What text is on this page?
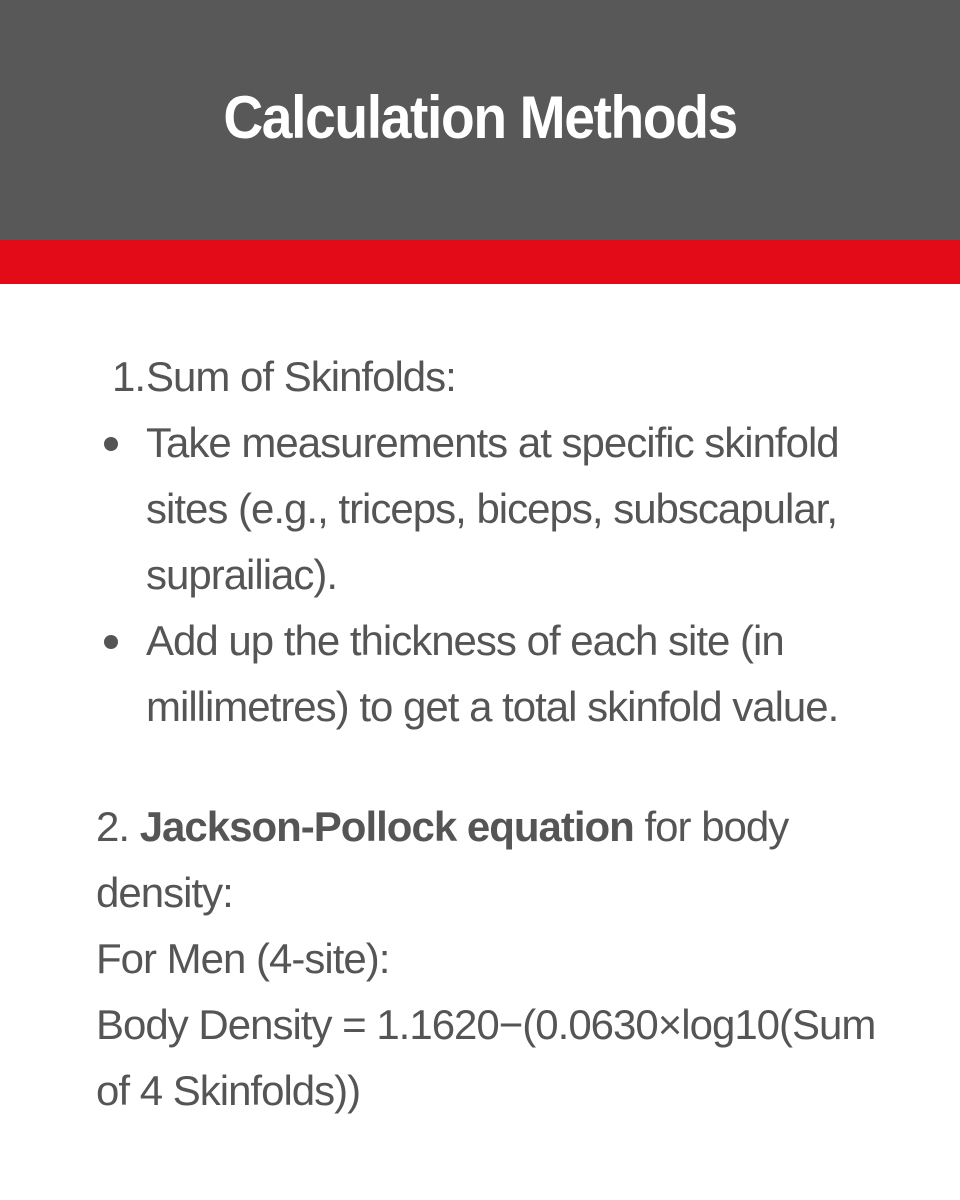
Calculation Methods
1. Sum of Skinfolds:
Take measurements at specific skinfold sites (e.g., triceps, biceps, subscapular, suprailiac).
Add up the thickness of each site (in millimetres) to get a total skinfold value.
2. Jackson-Pollock equation for body density:
For Men (4-site):
Body Density = 1.1620−(0.0630×log10(Sum of 4 Skinfolds))
